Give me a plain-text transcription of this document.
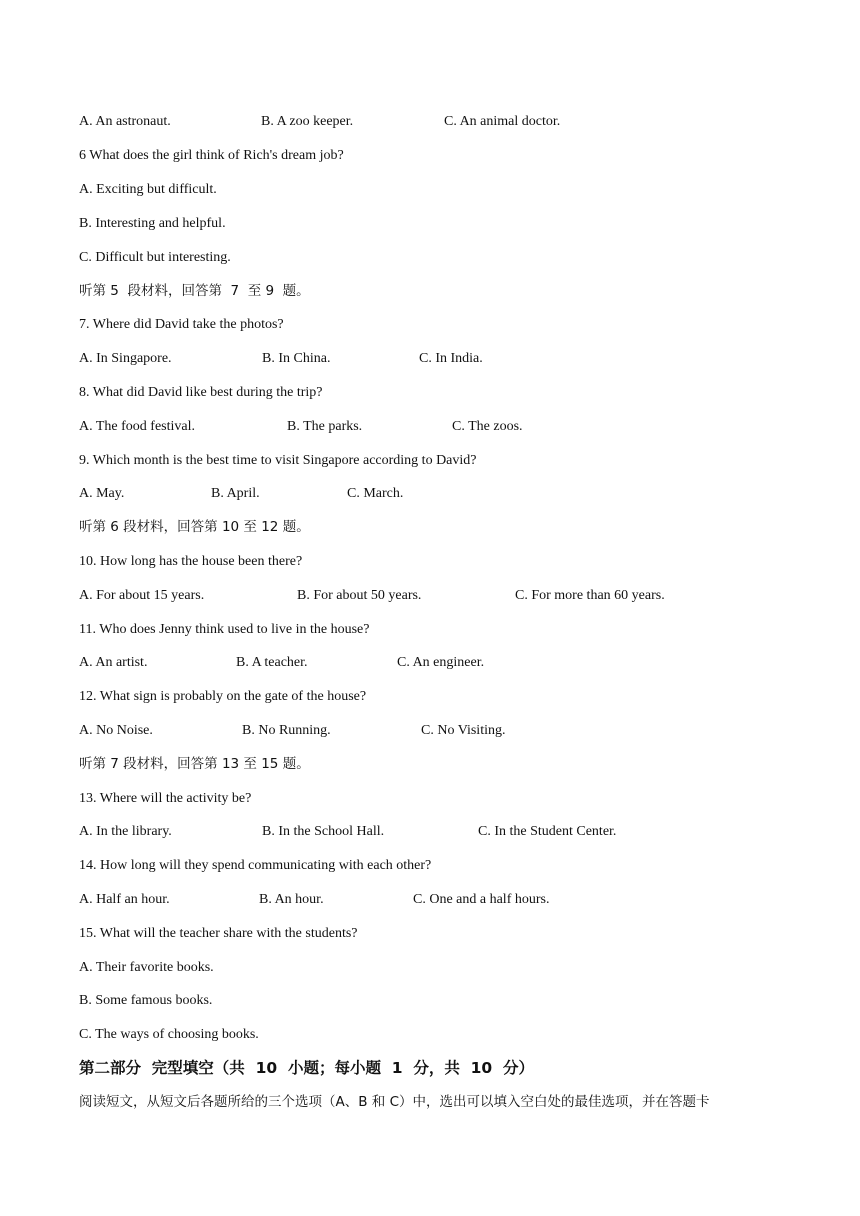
A. An astronaut.	B. A zoo keeper.	C. An animal doctor.
6 What does the girl think of Rich's dream job?
A. Exciting but difficult.
B. Interesting and helpful.
C. Difficult but interesting.
听第 5  段材料，回答第  7  至 9  题。
7. Where did David take the photos?
A. In Singapore.	B. In China.	C. In India.
8. What did David like best during the trip?
A. The food festival.	B. The parks.	C. The zoos.
9. Which month is the best time to visit Singapore according to David?
A. May.	B. April.	C. March.
听第 6 段材料，回答第 10 至 12 题。
10. How long has the house been there?
A. For about 15 years.	B. For about 50 years.	C. For more than 60 years.
11. Who does Jenny think used to live in the house?
A. An artist.	B. A teacher.	C. An engineer.
12. What sign is probably on the gate of the house?
A. No Noise.	B. No Running.	C. No Visiting.
听第 7 段材料，回答第 13 至 15 题。
13. Where will the activity be?
A. In the library.	B. In the School Hall.	C. In the Student Center.
14. How long will they spend communicating with each other?
A. Half an hour.	B. An hour.	C. One and a half hours.
15. What will the teacher share with the students?
A. Their favorite books.
B. Some famous books.
C. The ways of choosing books.
第二部分  完型填空（共  10  小题；每小题  1  分，共  10  分）
阅读短文，从短文后各题所给的三个选项（A、B 和 C）中，选出可以填入空白处的最佳选项，并在答题卡
